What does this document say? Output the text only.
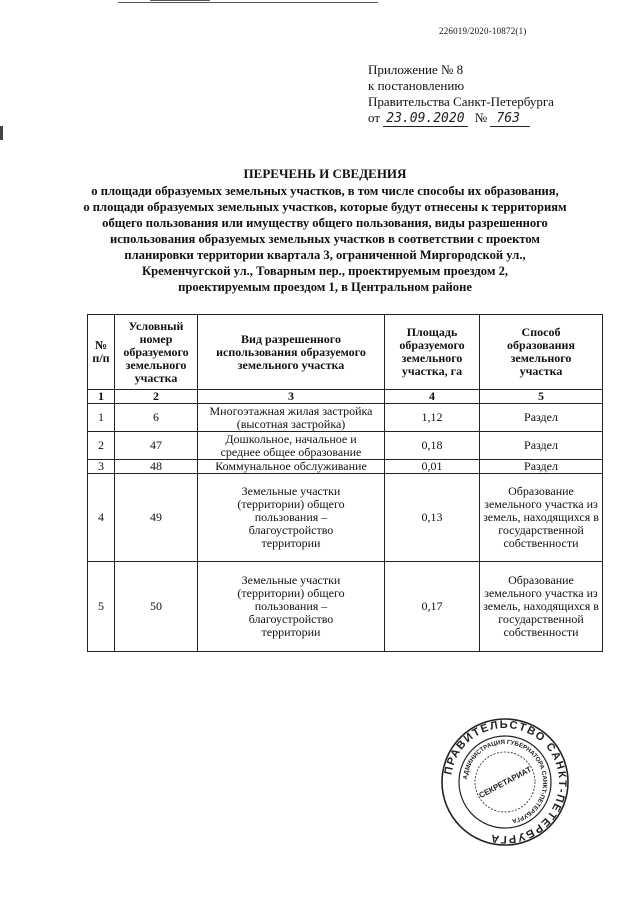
226019/2020-10872(1)
Приложение № 8
к постановлению
Правительства Санкт-Петербурга
от 23.09.2020 № 763
ПЕРЕЧЕНЬ И СВЕДЕНИЯ
о площади образуемых земельных участков, в том числе способы их образования,
о площади образуемых земельных участков, которые будут отнесены к территориям
общего пользования или имуществу общего пользования, виды разрешенного
использования образуемых земельных участков в соответствии с проектом
планировки территории квартала 3, ограниченной Миргородской ул.,
Кременчугской ул., Товарным пер., проектируемым проездом 2,
проектируемым проездом 1, в Центральном районе
№ п/п	Условный номер образуемого земельного участка	Вид разрешенного использования образуемого земельного участка	Площадь образуемого земельного участка, га	Способ образования земельного участка
1	2	3	4	5
1	6	Многоэтажная жилая застройка (высотная застройка)	1,12	Раздел
2	47	Дошкольное, начальное и среднее общее образование	0,18	Раздел
3	48	Коммунальное обслуживание	0,01	Раздел
4	49	Земельные участки (территории) общего пользования – благоустройство территории	0,13	Образование земельного участка из земель, находящихся в государственной собственности
5	50	Земельные участки (территории) общего пользования – благоустройство территории	0,17	Образование земельного участка из земель, находящихся в государственной собственности
ПРАВИТЕЛЬСТВО САНКТ-ПЕТЕРБУРГА
АДМИНИСТРАЦИЯ ГУБЕРНАТОРА САНКТ-ПЕТЕРБУРГА
СЕКРЕТАРИАТ
